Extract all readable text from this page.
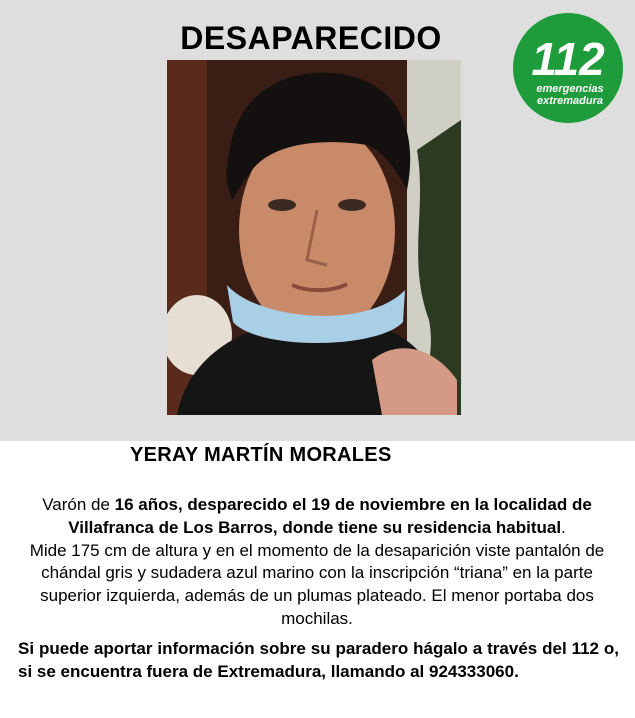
DESAPARECIDO	112
emergencias
extremadura
YERAY MARTÍN MORALES
Varón de 16 años, desparecido el 19 de noviembre en la localidad de Villafranca de Los Barros, donde tiene su residencia habitual.
Mide 175 cm de altura y en el momento de la desaparición viste pantalón de chándal gris y sudadera azul marino con la inscripción “triana” en la parte superior izquierda, además de un plumas plateado. El menor portaba dos mochilas.
Si puede aportar información sobre su paradero hágalo a través del 112 o, si se encuentra fuera de Extremadura, llamando al 924333060.
